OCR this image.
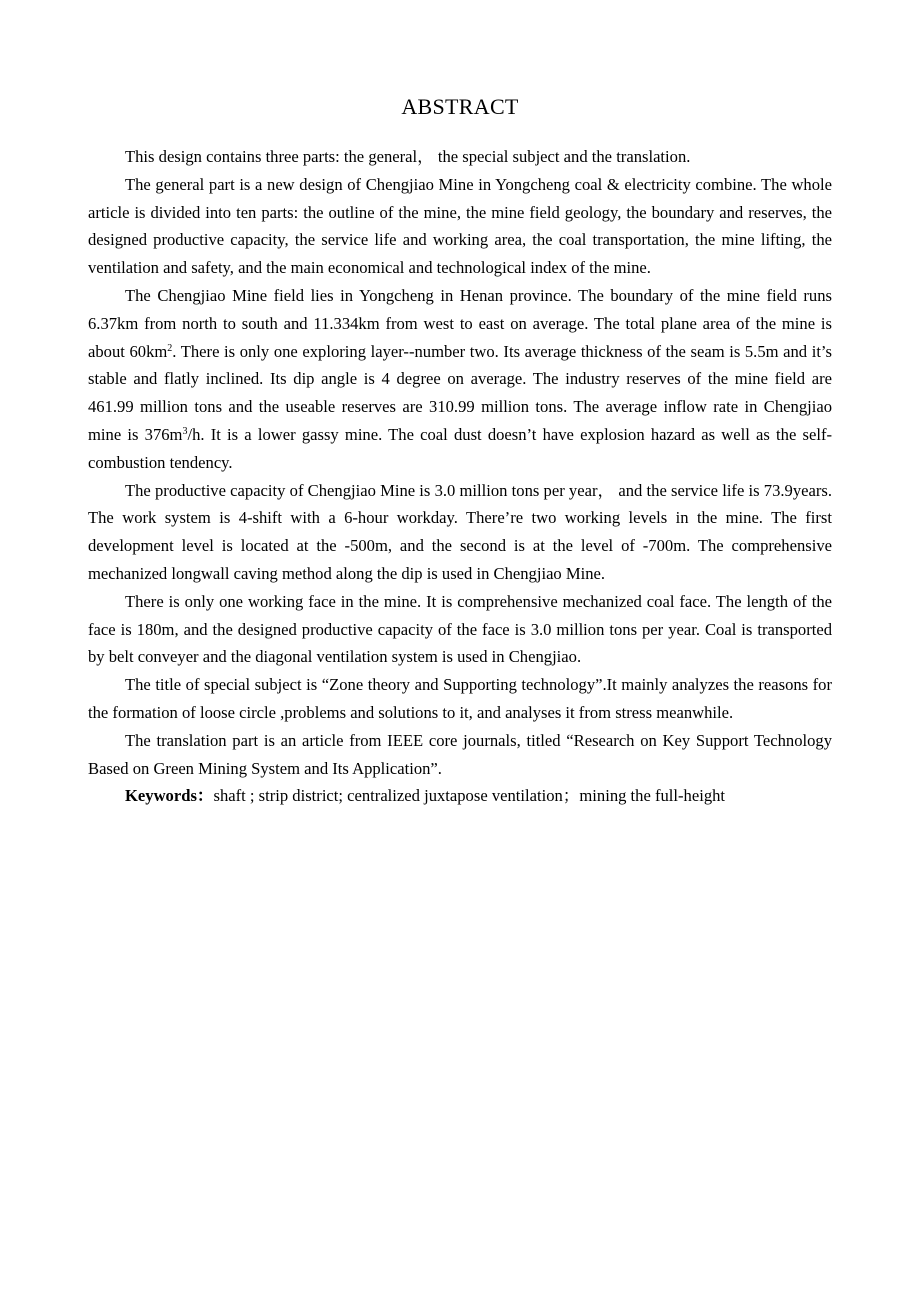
ABSTRACT

This design contains three parts: the general， the special subject and the translation.

The general part is a new design of Chengjiao Mine in Yongcheng coal & electricity combine. The whole article is divided into ten parts: the outline of the mine, the mine field geology, the boundary and reserves, the designed productive capacity, the service life and working area, the coal transportation, the mine lifting, the ventilation and safety, and the main economical and technological index of the mine.

The Chengjiao Mine field lies in Yongcheng in Henan province. The boundary of the mine field runs 6.37km from north to south and 11.334km from west to east on average. The total plane area of the mine is about $60km^2$. There is only one exploring layer--number two. Its average thickness of the seam is 5.5m and it’s stable and flatly inclined. Its dip angle is 4 degree on average. The industry reserves of the mine field are 461.99 million tons and the useable reserves are 310.99 million tons. The average inflow rate in Chengjiao mine is $376m^3/h$. It is a lower gassy mine. The coal dust doesn’t have explosion hazard as well as the self-combustion tendency.

The productive capacity of Chengjiao Mine is 3.0 million tons per year， and the service life is 73.9years. The work system is 4-shift with a 6-hour workday. There’re two working levels in the mine. The first development level is located at the -500m, and the second is at the level of -700m. The comprehensive mechanized longwall caving method along the dip is used in Chengjiao Mine.

There is only one working face in the mine. It is comprehensive mechanized coal face. The length of the face is 180m, and the designed productive capacity of the face is 3.0 million tons per year. Coal is transported by belt conveyer and the diagonal ventilation system is used in Chengjiao.

The title of special subject is “Zone theory and Supporting technology”.It mainly analyzes the reasons for the formation of loose circle ,problems and solutions to it, and analyses it from stress meanwhile.

The translation part is an article from IEEE core journals, titled “Research on Key Support Technology Based on Green Mining System and Its Application”.

Keywords：shaft ; strip district; centralized juxtapose ventilation；mining the full-height
